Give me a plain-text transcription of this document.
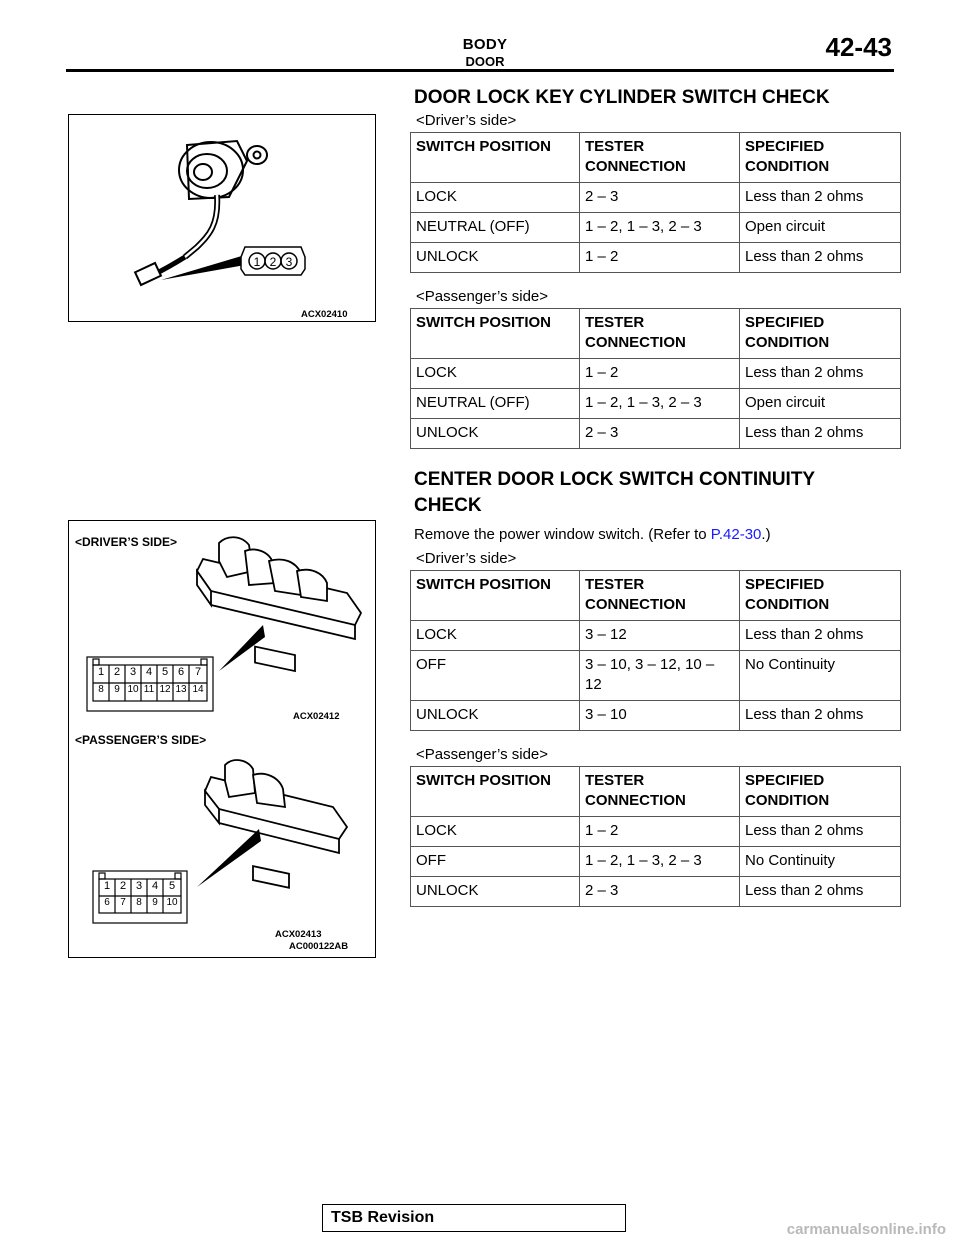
BODY
DOOR	42-43
1 2 3
ACX02410
<DRIVER’S SIDE>
1 2 3 4 5 6 7
8	9 10 11 12 13 14
ACX02412
<PASSENGER’S SIDE>
1 2 3 4 5
6	7	8	9 10
ACX02413
AC000122AB
DOOR LOCK KEY CYLINDER SWITCH CHECK
<Driver’s side>
SWITCH POSITION	TESTER CONNECTION	SPECIFIED CONDITION
LOCK	2 – 3	Less than 2 ohms
NEUTRAL (OFF)	1 – 2, 1 – 3, 2 – 3	Open circuit
UNLOCK	1 – 2	Less than 2 ohms
<Passenger’s side>
SWITCH POSITION	TESTER CONNECTION	SPECIFIED CONDITION
LOCK	1 – 2	Less than 2 ohms
NEUTRAL (OFF)	1 – 2, 1 – 3, 2 – 3	Open circuit
UNLOCK	2 – 3	Less than 2 ohms
CENTER DOOR LOCK SWITCH CONTINUITY
CHECK
Remove the power window switch. (Refer to P.42-30.)
<Driver’s side>
SWITCH POSITION	TESTER CONNECTION	SPECIFIED CONDITION
LOCK	3 – 12	Less than 2 ohms
OFF	3 – 10, 3 – 12, 10 – 12	No Continuity
UNLOCK	3 – 10	Less than 2 ohms
<Passenger’s side>
SWITCH POSITION	TESTER CONNECTION	SPECIFIED CONDITION
LOCK	1 – 2	Less than 2 ohms
OFF	1 – 2, 1 – 3, 2 – 3	No Continuity
UNLOCK	2 – 3	Less than 2 ohms
TSB Revision
carmanualsonline.info
